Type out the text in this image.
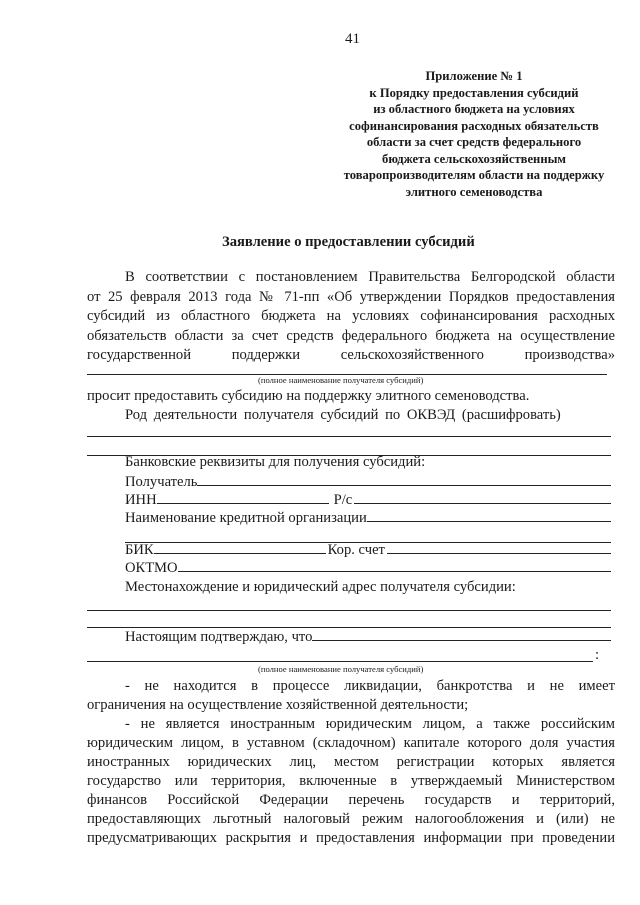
41
Приложение № 1
к Порядку предоставления субсидий
из областного бюджета на условиях
софинансирования расходных обязательств
области за счет средств федерального
бюджета сельскохозяйственным
товаропроизводителям области на поддержку
элитного семеноводства
Заявление о предоставлении субсидий
В соответствии с постановлением Правительства Белгородской области
от 25 февраля 2013 года № 71-пп «Об утверждении Порядков предоставления
субсидий из областного бюджета на условиях софинансирования расходных
обязательств области за счет средств федерального бюджета на осуществление
государственной поддержки сельскохозяйственного производства»
(полное наименование получателя субсидий)
просит предоставить субсидию на поддержку элитного семеноводства.
Род деятельности получателя субсидий по ОКВЭД (расшифровать)
Банковские реквизиты для получения субсидий:
Получатель
ИНН	Р/с
Наименование кредитной организации
БИК	Кор. счет
ОКТМО
Местонахождение и юридический адрес получателя субсидии:
Настоящим подтверждаю, что
:
(полное наименование получателя субсидий)
- не находится в процессе ликвидации, банкротства и не имеет
ограничения на осуществление хозяйственной деятельности;
- не является иностранным юридическим лицом, а также российским
юридическим лицом, в уставном (складочном) капитале которого доля участия
иностранных юридических лиц, местом регистрации которых является
государство или территория, включенные в утверждаемый Министерством
финансов Российской Федерации перечень государств и территорий,
предоставляющих льготный налоговый режим налогообложения и (или) не
предусматривающих раскрытия и предоставления информации при проведении
